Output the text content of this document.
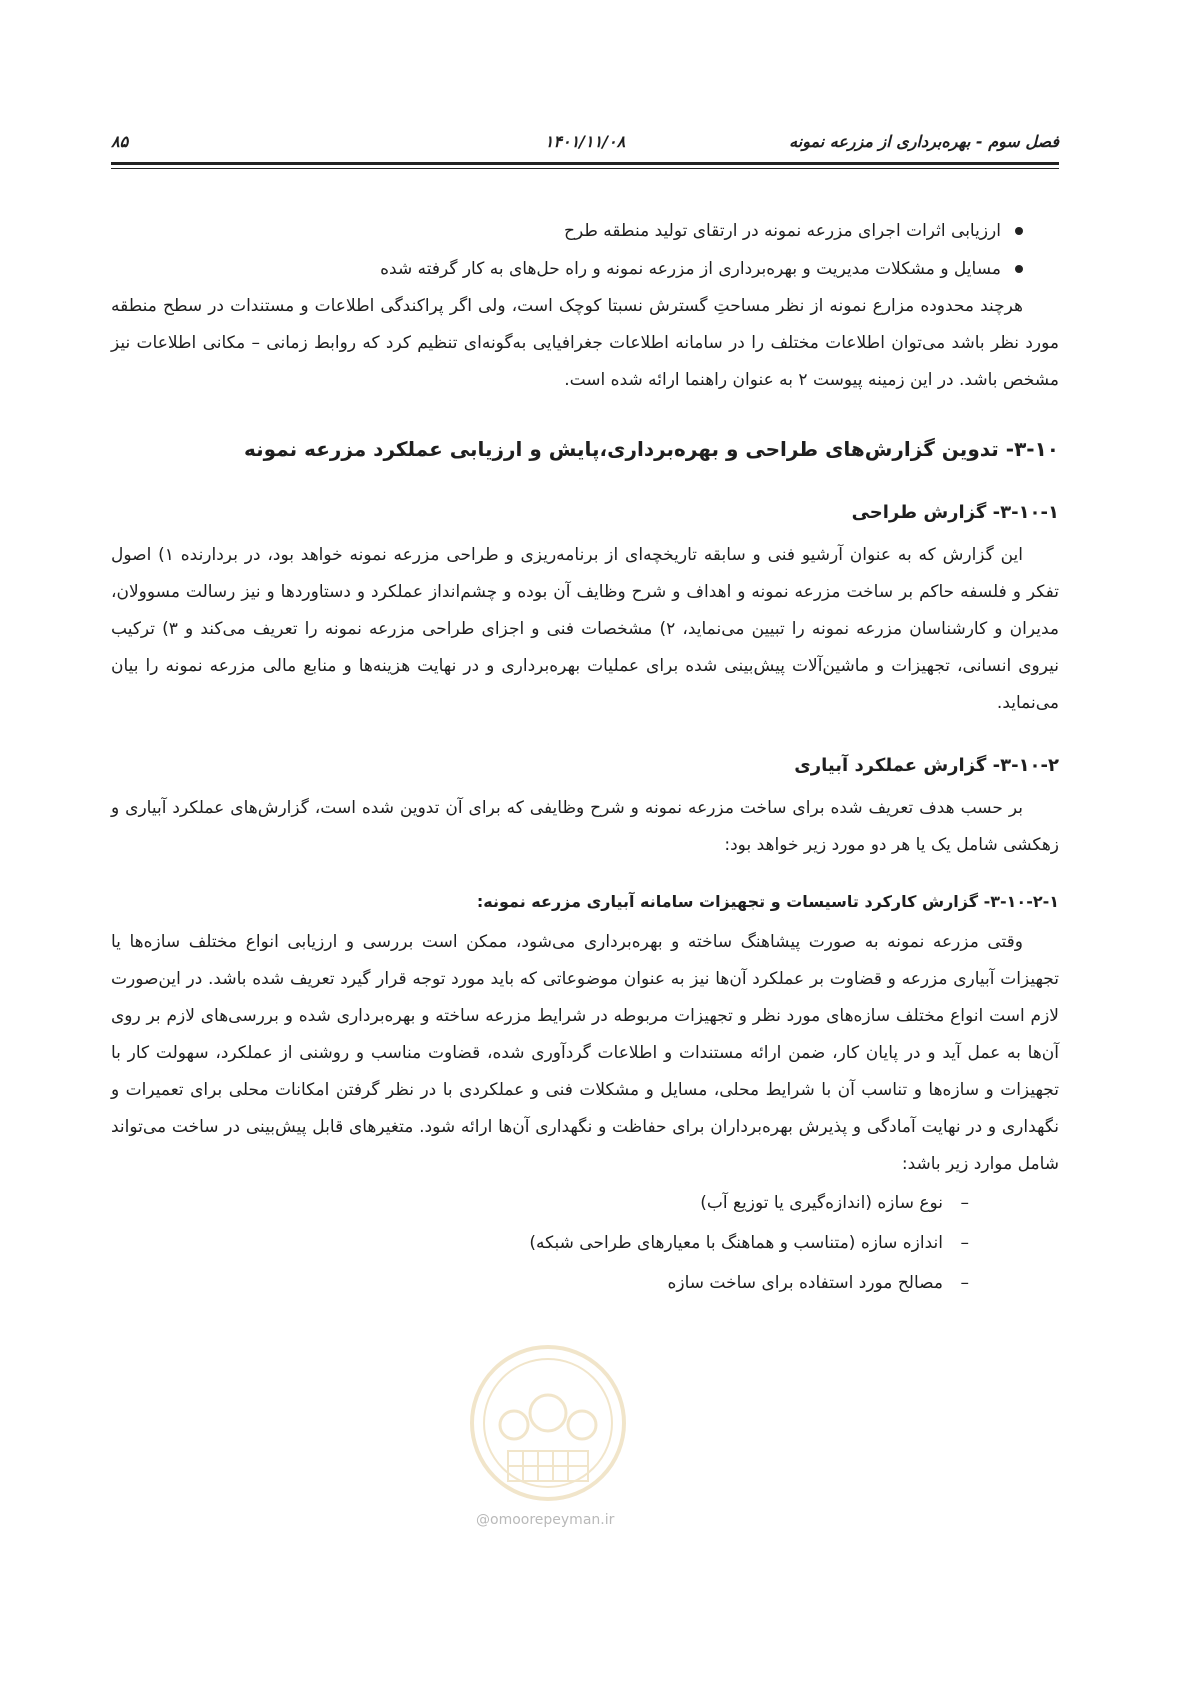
فصل سوم - بهره‌برداری از مزرعه نمونه
۱۴۰۱/۱۱/۰۸
۸۵
ارزیابی اثرات اجرای مزرعه نمونه در ارتقای تولید منطقه طرح
مسایل و مشکلات مدیریت و بهره‌برداری از مزرعه نمونه و راه حل‌های به کار گرفته شده

هرچند محدوده مزارع نمونه از نظر مساحتِ گسترش نسبتا کوچک است، ولی اگر پراکندگی اطلاعات و مستندات در سطح منطقه مورد نظر باشد می‌توان اطلاعات مختلف را در سامانه اطلاعات جغرافیایی به‌گونه‌ای تنظیم کرد که روابط زمانی – مکانی اطلاعات نیز مشخص باشد. در این زمینه پیوست ۲ به عنوان راهنما ارائه شده است.

۳-۱۰- تدوین گزارش‌های طراحی و بهره‌برداری،پایش و ارزیابی عملکرد مزرعه نمونه
۳-۱۰-۱- گزارش طراحی

این گزارش که به عنوان آرشیو فنی و سابقه تاریخچه‌ای از برنامه‌ریزی و طراحی مزرعه نمونه خواهد بود، در بردارنده ۱) اصول تفکر و فلسفه حاکم بر ساخت مزرعه نمونه و اهداف و شرح وظایف آن بوده و چشم‌انداز عملکرد و دستاوردها و نیز رسالت مسوولان، مدیران و کارشناسان مزرعه نمونه را تبیین می‌نماید، ۲) مشخصات فنی و اجزای طراحی مزرعه نمونه را تعریف می‌کند و ۳) ترکیب نیروی انسانی، تجهیزات و ماشین‌آلات پیش‌بینی شده برای عملیات بهره‌برداری و در نهایت هزینه‌ها و منابع مالی مزرعه نمونه را بیان می‌نماید.

۳-۱۰-۲- گزارش عملکرد آبیاری

بر حسب هدف تعریف شده برای ساخت مزرعه نمونه و شرح وظایفی که برای آن تدوین شده است، گزارش‌های عملکرد آبیاری و زهکشی شامل یک یا هر دو مورد زیر خواهد بود:

۳-۱۰-۲-۱- گزارش کارکرد تاسیسات و تجهیزات سامانه آبیاری مزرعه نمونه:

وقتی مزرعه نمونه به صورت پیشاهنگ ساخته و بهره‌برداری می‌شود، ممکن است بررسی و ارزیابی انواع مختلف سازه‌ها یا تجهیزات آبیاری مزرعه و قضاوت بر عملکرد آن‌ها نیز به عنوان موضوعاتی که باید مورد توجه قرار گیرد تعریف شده باشد. در این‌صورت لازم است انواع مختلف سازه‌های مورد نظر و تجهیزات مربوطه در شرایط مزرعه ساخته و بهره‌برداری شده و بررسی‌های لازم بر روی آن‌ها به عمل آید و در پایان کار، ضمن ارائه مستندات و اطلاعات گردآوری شده، قضاوت مناسب و روشنی از عملکرد، سهولت کار با تجهیزات و سازه‌ها و تناسب آن با شرایط محلی، مسایل و مشکلات فنی و عملکردی با در نظر گرفتن امکانات محلی برای تعمیرات و نگهداری و در نهایت آمادگی و پذیرش بهره‌برداران برای حفاظت و نگهداری آن‌ها ارائه شود. متغیرهای قابل پیش‌بینی در ساخت می‌تواند شامل موارد زیر باشد:

–
نوع سازه (اندازه‌گیری یا توزیع آب)
–
اندازه سازه (متناسب و هماهنگ با معیارهای طراحی شبکه)
–
مصالح مورد استفاده برای ساخت سازه
@omoorepeyman.ir
